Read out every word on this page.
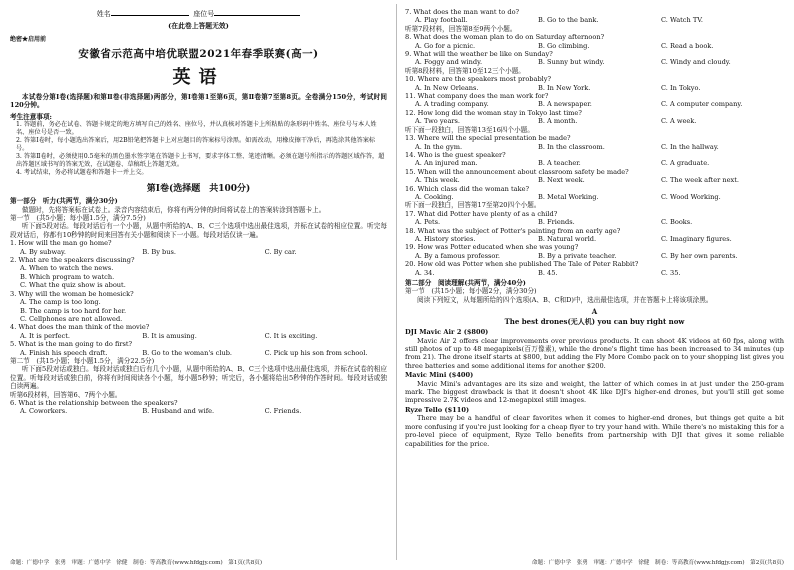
姓名	座位号
(在此卷上答题无效)
绝密★启用前
安徽省示范高中培优联盟2021年春季联赛(高一)
英语
本试卷分第Ⅰ卷(选择题)和第Ⅱ卷(非选择题)两部分，第Ⅰ卷第1至第6页，第Ⅱ卷第7至第8页。全卷满分150分，考试时间120分钟。
考生注意事项:
1. 答题前，务必在试卷、答题卡规定的地方填写自己的姓名、座位号，并认真核对答题卡上所粘贴的条形码中姓名、座位号与本人姓名、座位号是否一致。
2. 答第Ⅰ卷时，每小题选出答案后，用2B铅笔把答题卡上对应题目的答案标号涂黑。如需改动，用橡皮擦干净后，再选涂其他答案标号。
3. 答第Ⅱ卷时，必须使用0.5毫米的黑色墨水签字笔在答题卡上书写，要求字体工整、笔迹清晰。必须在题号所指示的答题区域作答，超出答题区域书写的答案无效，在试题卷、草稿纸上答题无效。
4. 考试结束，务必将试题卷和答题卡一并上交。
第Ⅰ卷(选择题　共100分)
第一部分　听力(共两节，满分30分)
做题时，先将答案标在试卷上。录音内容结束后，你将有两分钟的时间将试卷上的答案转涂到答题卡上。
第一节　(共5小题；每小题1.5分，满分7.5分)
听下面5段对话。每段对话后有一个小题，从题中所给的A、B、C三个选项中选出最佳选项，并标在试卷的相应位置。听完每段对话后，你都有10秒钟的时间来回答有关小题和阅读下一小题。每段对话仅读一遍。
1. How will the man go home?
A. By subway.	B. By bus.	C. By car.
2. What are the speakers discussing?
A. When to watch the news.
B. Which program to watch.
C. What the quiz show is about.
3. Why will the woman be homesick?
A. The camp is too long.
B. The camp is too hard for her.
C. Cellphones are not allowed.
4. What does the man think of the movie?
A. It is perfect.	B. It is amusing.	C. It is exciting.
5. What is the man going to do first?
A. Finish his speech draft.	B. Go to the woman's club.	C. Pick up his son from school.
第二节　(共15小题；每小题1.5分，满分22.5分)
听下面5段对话或独白。每段对话或独白后有几个小题，从题中所给的A、B、C三个选项中选出最佳选项，并标在试卷的相应位置。听每段对话或独白前，你将有时间阅读各个小题，每小题5秒钟；听完后，各小题将给出5秒钟的作答时间。每段对话或独白读两遍。
听第6段材料，回答第6、7两个小题。
6. What is the relationship between the speakers?
A. Coworkers.	B. Husband and wife.	C. Friends.
7. What does the man want to do?
A. Play football.	B. Go to the bank.	C. Watch TV.
听第7段材料，回答第8至9两个小题。
8. What does the woman plan to do on Saturday afternoon?
A. Go for a picnic.	B. Go climbing.	C. Read a book.
9. What will the weather be like on Sunday?
A. Foggy and windy.	B. Sunny but windy.	C. Windy and cloudy.
听第8段材料，回答第10至12三个小题。
10. Where are the speakers most probably?
A. In New Orleans.	B. In New York.	C. In Tokyo.
11. What company does the man work for?
A. A trading company.	B. A newspaper.	C. A computer company.
12. How long did the woman stay in Tokyo last time?
A. Two years.	B. A month.	C. A week.
听下面一段独白，回答第13至16四个小题。
13. Where will the special presentation be made?
A. In the gym.	B. In the classroom.	C. In the hallway.
14. Who is the guest speaker?
A. An injured man.	B. A teacher.	C. A graduate.
15. When will the announcement about classroom safety be made?
A. This week.	B. Next week.	C. The week after next.
16. Which class did the woman take?
A. Cooking.	B. Metal Working.	C. Wood Working.
听下面一段独白，回答第17至第20四个小题。
17. What did Potter have plenty of as a child?
A. Pets.	B. Friends.	C. Books.
18. What was the subject of Potter's painting from an early age?
A. History stories.	B. Natural world.	C. Imaginary figures.
19. How was Potter educated when she was young?
A. By a famous professor.	B. By a private teacher.	C. By her own parents.
20. How old was Potter when she published The Tale of Peter Rabbit?
A. 34.	B. 45.	C. 35.
第二部分　阅读理解(共两节，满分40分)
第一节　(共15小题；每小题2分，满分30分)
阅读下列短文，从每题所给的四个选项(A、B、C和D)中，选出最佳选项，并在答题卡上将该项涂黑。
A
The best drones(无人机) you can buy right now
DJI Mavic Air 2 ($800)
Mavic Air 2 offers clear improvements over previous products. It can shoot 4K videos at 60 fps, along with still photos of up to 48 megapixels(百万像素), while the drone's flight time has been increased to 34 minutes (up from 21). The drone itself starts at $800, but adding the Fly More Combo pack on to your shopping list gives you three batteries and some additional items for another $200.
Mavic Mini ($400)
Mavic Mini's advantages are its size and weight, the latter of which comes in at just under the 250-gram mark. The biggest drawback is that it doesn't shoot 4K like DJI's higher-end drones, but you'll still get some impressive 2.7K videos and 12-megapixel still images.
Ryze Tello ($110)
There may be a handful of clear favorites when it comes to higher-end drones, but things get quite a bit more confusing if you're just looking for a cheap flyer to try your hand with. While there's no mistaking this for a pro-level piece of equipment, Ryze Tello benefits from partnership with DJI that gives it some reliable capabilities for the price.
命题：广德中学　张勇　审题：广德中学　徐健　制卷：等高教育(www.hfdgjy.com)　第1页(共8页)	命题：广德中学　张勇　审题：广德中学　徐健　制卷：等高教育(www.hfdgjy.com)　第2页(共8页)
